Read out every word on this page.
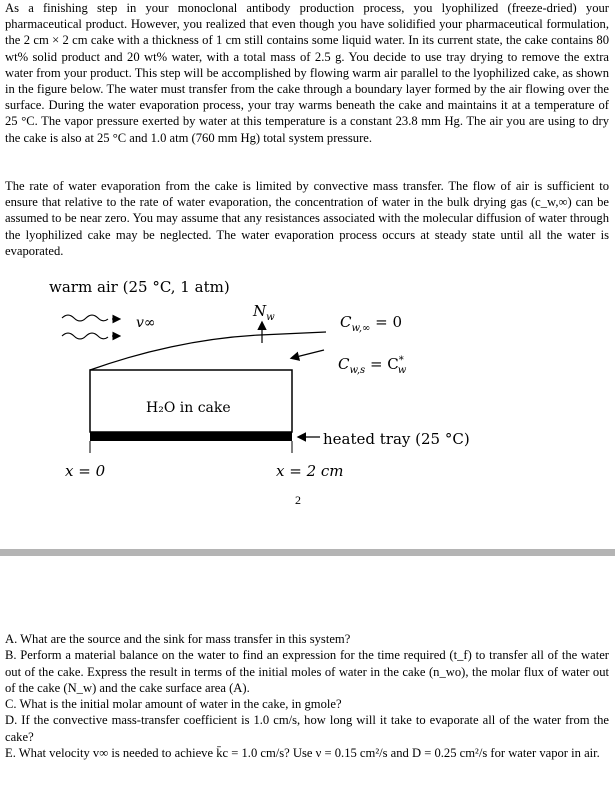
As a finishing step in your monoclonal antibody production process, you lyophilized (freeze-dried) your pharmaceutical product. However, you realized that even though you have solidified your pharmaceutical formulation, the 2 cm × 2 cm cake with a thickness of 1 cm still contains some liquid water. In its current state, the cake contains 80 wt% solid product and 20 wt% water, with a total mass of 2.5 g. You decide to use tray drying to remove the extra water from your product. This step will be accomplished by flowing warm air parallel to the lyophilized cake, as shown in the figure below. The water must transfer from the cake through a boundary layer formed by the air flowing over the surface. During the water evaporation process, your tray warms beneath the cake and maintains it at a temperature of 25 °C. The vapor pressure exerted by water at this temperature is a constant 23.8 mm Hg. The air you are using to dry the cake is also at 25 °C and 1.0 atm (760 mm Hg) total system pressure.

The rate of water evaporation from the cake is limited by convective mass transfer. The flow of air is sufficient to ensure that relative to the rate of water evaporation, the concentration of water in the bulk drying gas (c_w,∞) can be assumed to be near zero. You may assume that any resistances associated with the molecular diffusion of water through the lyophilized cake may be neglected. The water evaporation process occurs at steady state until all the water is evaporated.

warm air (25 °C, 1 atm)
v∞
$N_w$	$C_{w,\infty} = 0$
$C_{w,s} = C^*$ w
H₂O in cake
heated tray (25 °C)
x = 0	x = 2 cm
2

A. What are the source and the sink for mass transfer in this system?

B. Perform a material balance on the water to find an expression for the time required (t_f) to transfer all of the water out of the cake. Express the result in terms of the initial moles of water in the cake (n_wo), the molar flux of water out of the cake (N_w) and the cake surface area (A).

C. What is the initial molar amount of water in the cake, in gmole?

D. If the convective mass-transfer coefficient is 1.0 cm/s, how long will it take to evaporate all of the water from the cake?

E. What velocity v∞ is needed to achieve k̄c = 1.0 cm/s? Use ν = 0.15 cm²/s and D = 0.25 cm²/s for water vapor in air.
